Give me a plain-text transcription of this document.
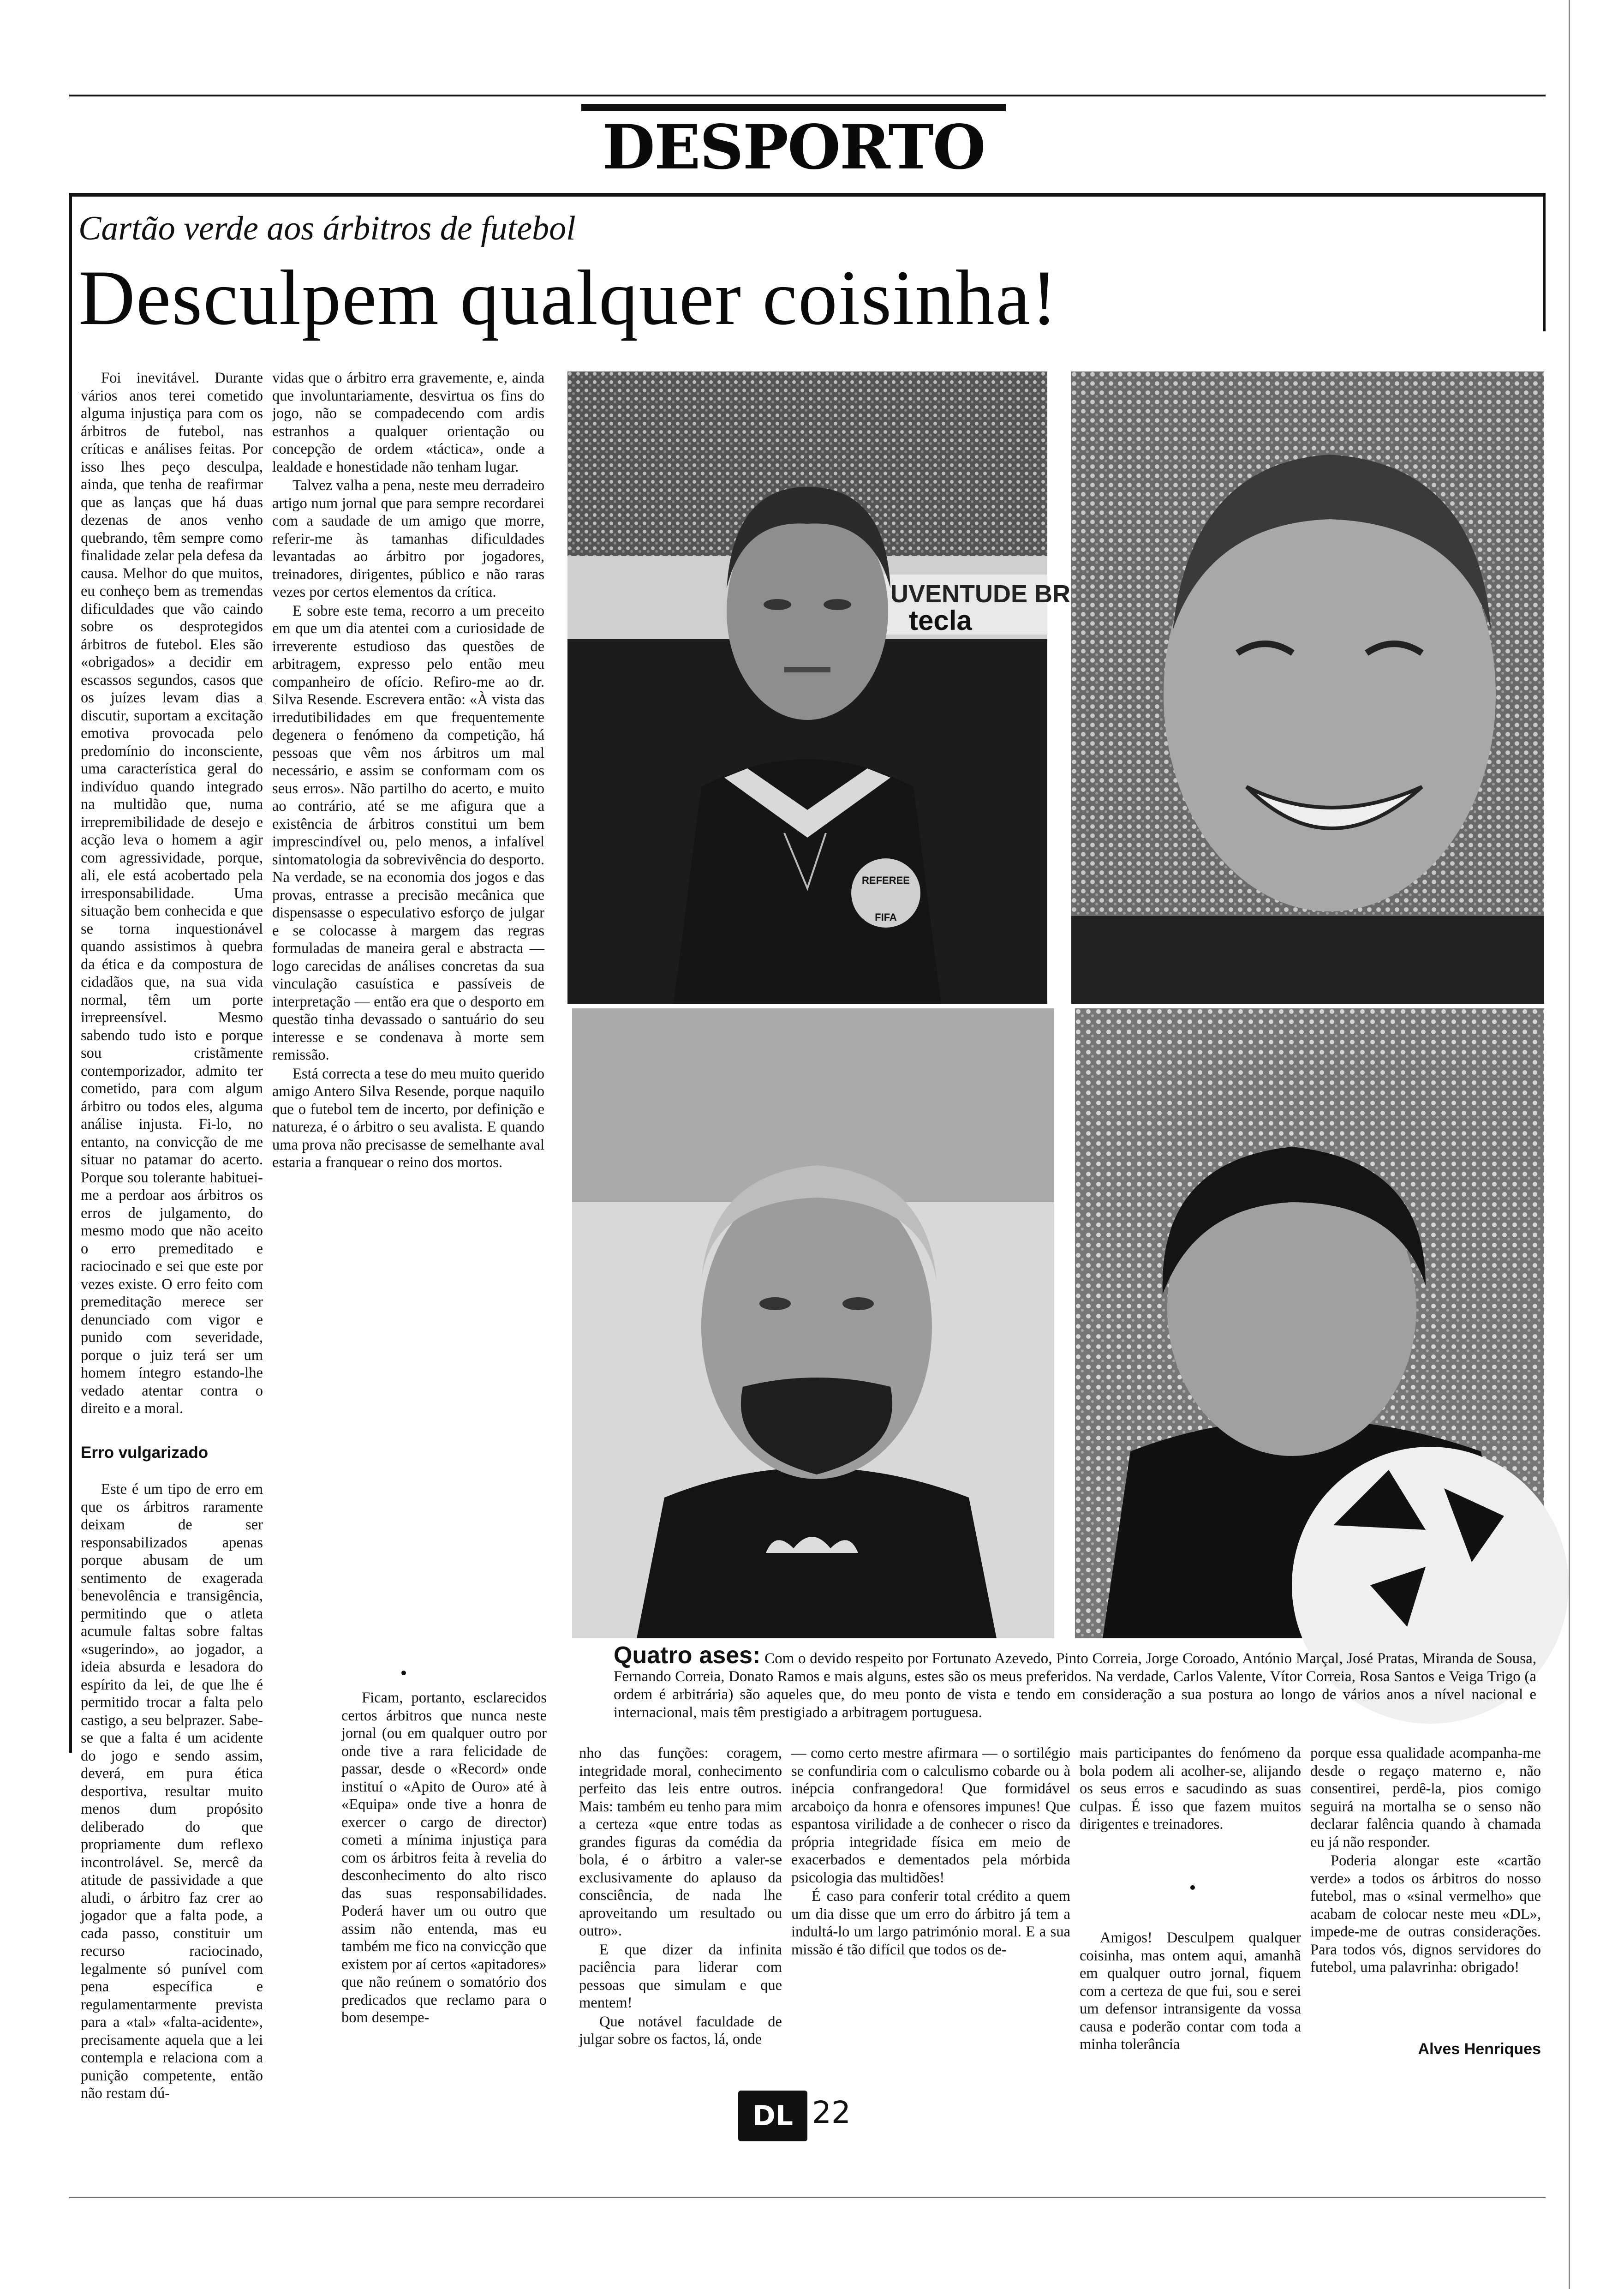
DESPORTO
Cartão verde aos árbitros de futebol
Desculpem qualquer coisinha!

Foi inevitável. Durante vários anos terei cometido alguma injustiça para com os árbitros de futebol, nas críticas e análises feitas. Por isso lhes peço desculpa, ainda, que tenha de reafirmar que as lanças que há duas dezenas de anos venho quebrando, têm sempre como finalidade zelar pela defesa da causa. Melhor do que muitos, eu conheço bem as tremendas dificuldades que vão caindo sobre os desprotegidos árbitros de futebol. Eles são «obrigados» a decidir em escassos segundos, casos que os juízes levam dias a discutir, suportam a excitação emotiva provocada pelo predomínio do inconsciente, uma característica geral do indivíduo quando integrado na multidão que, numa irrepremibilidade de desejo e acção leva o homem a agir com agressividade, porque, ali, ele está acobertado pela irresponsabilidade. Uma situação bem conhecida e que se torna inquestionável quando assistimos à quebra da ética e da compostura de cidadãos que, na sua vida normal, têm um porte irrepreensível. Mesmo sabendo tudo isto e porque sou cristãmente contemporizador, admito ter cometido, para com algum árbitro ou todos eles, alguma análise injusta. Fi-lo, no entanto, na convicção de me situar no patamar do acerto. Porque sou tolerante habituei-me a perdoar aos árbitros os erros de julgamento, do mesmo modo que não aceito o erro premeditado e raciocinado e sei que este por vezes existe. O erro feito com premeditação merece ser denunciado com vigor e punido com severidade, porque o juiz terá ser um homem íntegro estando-lhe vedado atentar contra o direito e a moral.

Erro vulgarizado

Este é um tipo de erro em que os árbitros raramente deixam de ser responsabilizados apenas porque abusam de um sentimento de exagerada benevolência e transigência, permitindo que o atleta acumule faltas sobre faltas «sugerindo», ao jogador, a ideia absurda e lesadora do espírito da lei, de que lhe é permitido trocar a falta pelo castigo, a seu belprazer. Sabe-se que a falta é um acidente do jogo e sendo assim, deverá, em pura ética desportiva, resultar muito menos dum propósito deliberado do que propriamente dum reflexo incontrolável. Se, mercê da atitude de passividade a que aludi, o árbitro faz crer ao jogador que a falta pode, a cada passo, constituir um recurso raciocinado, legalmente só punível com pena específica e regulamentarmente prevista para a «tal» «falta-acidente», precisamente aquela que a lei contempla e relaciona com a punição competente, então não restam dú-

vidas que o árbitro erra gravemente, e, ainda que involuntariamente, desvirtua os fins do jogo, não se compadecendo com ardis estranhos a qualquer orientação ou concepção de ordem «táctica», onde a lealdade e honestidade não tenham lugar.

Talvez valha a pena, neste meu derradeiro artigo num jornal que para sempre recordarei com a saudade de um amigo que morre, referir-me às tamanhas dificuldades levantadas ao árbitro por jogadores, treinadores, dirigentes, público e não raras vezes por certos elementos da crítica.

E sobre este tema, recorro a um preceito em que um dia atentei com a curiosidade de irreverente estudioso das questões de arbitragem, expresso pelo então meu companheiro de ofício. Refiro-me ao dr. Silva Resende. Escrevera então: «À vista das irredutibilidades em que frequentemente degenera o fenómeno da competição, há pessoas que vêm nos árbitros um mal necessário, e assim se conformam com os seus erros». Não partilho do acerto, e muito ao contrário, até se me afigura que a existência de árbitros constitui um bem imprescindível ou, pelo menos, a infalível sintomatologia da sobrevivência do desporto. Na verdade, se na economia dos jogos e das provas, entrasse a precisão mecânica que dispensasse o especulativo esforço de julgar e se colocasse à margem das regras formuladas de maneira geral e abstracta — logo carecidas de análises concretas da sua vinculação casuística e passíveis de interpretação — então era que o desporto em questão tinha devassado o santuário do seu interesse e se condenava à morte sem remissão.

Está correcta a tese do meu muito querido amigo Antero Silva Resende, porque naquilo que o futebol tem de incerto, por definição e natureza, é o árbitro o seu avalista. E quando uma prova não precisasse de semelhante aval estaria a franquear o reino dos mortos.

Ficam, portanto, esclarecidos certos árbitros que nunca neste jornal (ou em qualquer outro por onde tive a rara felicidade de passar, desde o «Record» onde instituí o «Apito de Ouro» até à «Equipa» onde tive a honra de exercer o cargo de director) cometi a mínima injustiça para com os árbitros feita à revelia do desconhecimento do alto risco das suas responsabilidades. Poderá haver um ou outro que assim não entenda, mas eu também me fico na convicção que existem por aí certos «apitadores» que não reúnem o somatório dos predicados que reclamo para o bom desempe-

UVENTUDE BR
tecla
REFEREE
FIFA
Quatro ases: Com o devido respeito por Fortunato Azevedo, Pinto Correia, Jorge Coroado, António Marçal, José Pratas, Miranda de Sousa, Fernando Correia, Donato Ramos e mais alguns, estes são os meus preferidos. Na verdade, Carlos Valente, Vítor Correia, Rosa Santos e Veiga Trigo (a ordem é arbitrária) são aqueles que, do meu ponto de vista e tendo em consideração a sua postura ao longo de vários anos a nível nacional e internacional, mais têm prestigiado a arbitragem portuguesa.

nho das funções: coragem, integridade moral, conhecimento perfeito das leis entre outros. Mais: também eu tenho para mim a certeza «que entre todas as grandes figuras da comédia da bola, é o árbitro a valer-se exclusivamente do aplauso da consciência, de nada lhe aproveitando um resultado ou outro».

E que dizer da infinita paciência para liderar com pessoas que simulam e que mentem!

Que notável faculdade de julgar sobre os factos, lá, onde

— como certo mestre afirmara — o sortilégio se confundiria com o calculismo cobarde ou à inépcia confrangedora! Que formidável arcaboiço da honra e ofensores impunes! Que espantosa virilidade a de conhecer o risco da própria integridade física em meio de exacerbados e dementados pela mórbida psicologia das multidões!

É caso para conferir total crédito a quem um dia disse que um erro do árbitro já tem a indultá-lo um largo património moral. E a sua missão é tão difícil que todos os de-

mais participantes do fenómeno da bola podem ali acolher-se, alijando os seus erros e sacudindo as suas culpas. É isso que fazem muitos dirigentes e treinadores.

Amigos! Desculpem qualquer coisinha, mas ontem aqui, amanhã em qualquer outro jornal, fiquem com a certeza de que fui, sou e serei um defensor intransigente da vossa causa e poderão contar com toda a minha tolerância

porque essa qualidade acompanha-me desde o regaço materno e, não consentirei, perdê-la, pios comigo seguirá na mortalha se o senso não declarar falência quando à chamada eu já não responder.

Poderia alongar este «cartão verde» a todos os árbitros do nosso futebol, mas o «sinal vermelho» que acabam de colocar neste meu «DL», impede-me de outras considerações. Para todos vós, dignos servidores do futebol, uma palavrinha: obrigado!

Alves Henriques
DL 22
